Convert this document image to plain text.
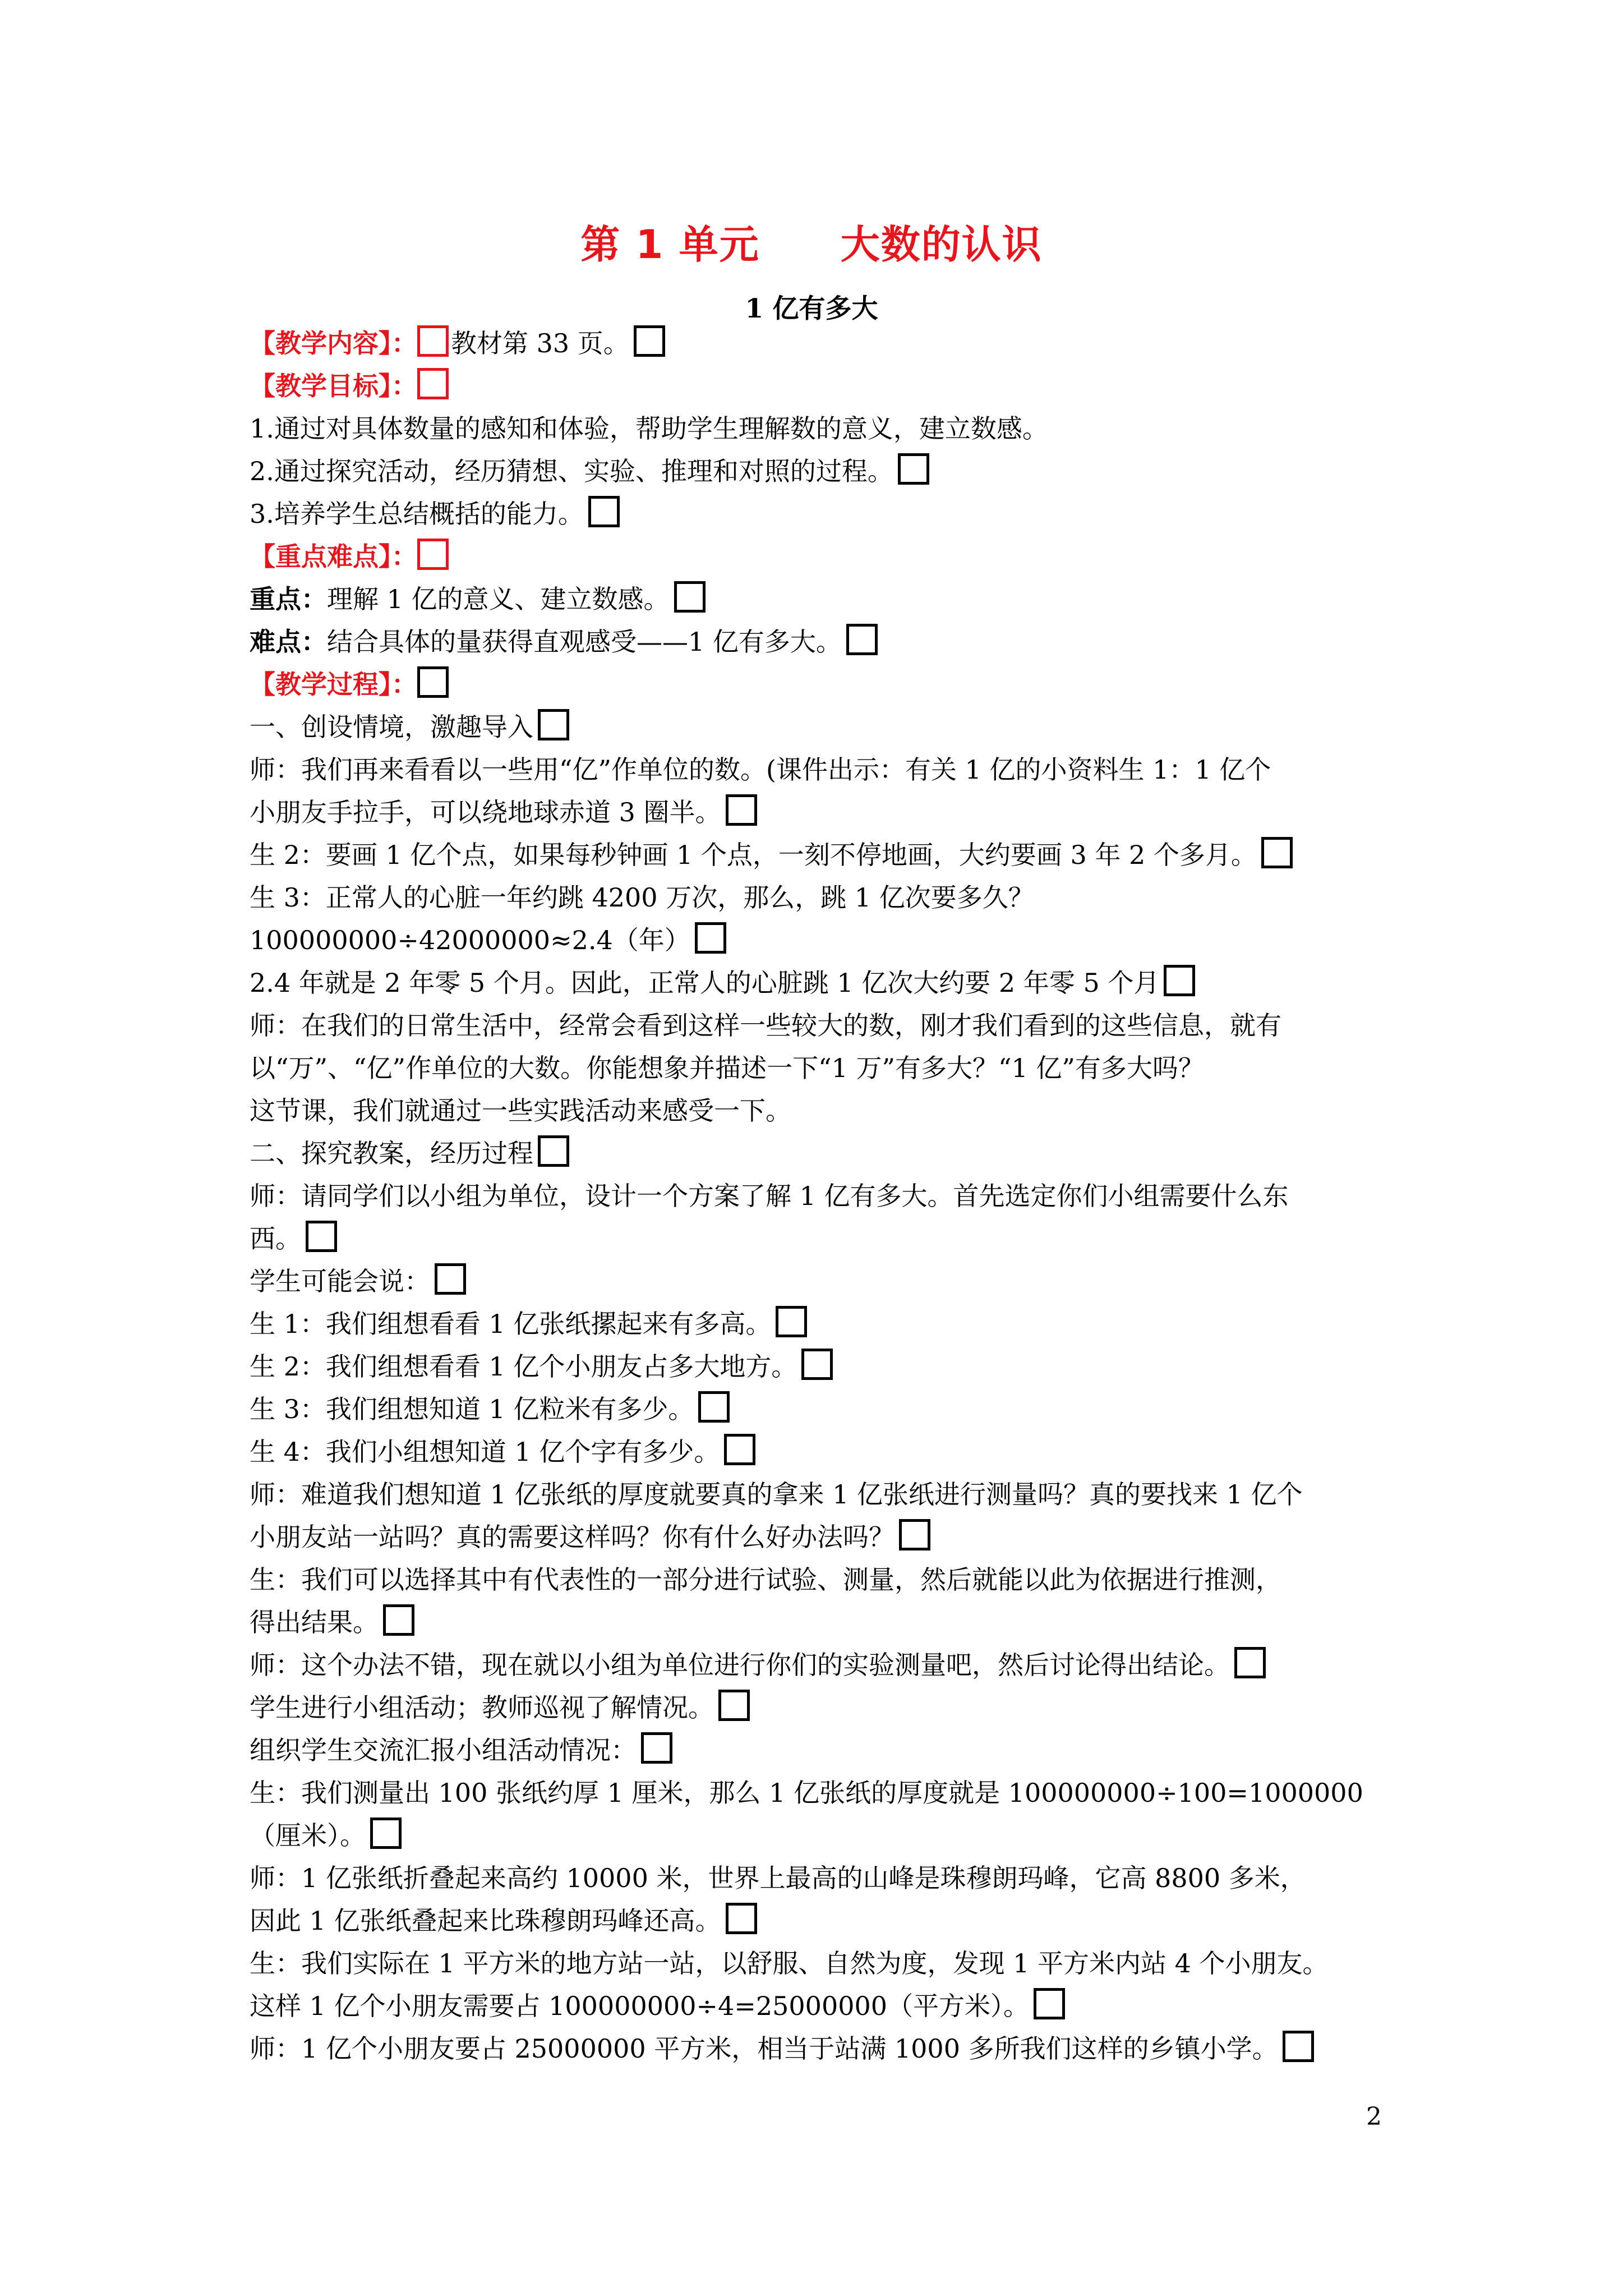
第 1 单元　　大数的认识
1 亿有多大
【教学内容】： 教材第 33 页。
【教学目标】：
1.通过对具体数量的感知和体验，帮助学生理解数的意义，建立数感。
2.通过探究活动，经历猜想、实验、推理和对照的过程。
3.培养学生总结概括的能力。
【重点难点】：
重点：理解 1 亿的意义、建立数感。
难点：结合具体的量获得直观感受——1 亿有多大。
【教学过程】：
一、创设情境，激趣导入
师：我们再来看看以一些用“亿”作单位的数。(课件出示：有关 1 亿的小资料生 1：1 亿个
小朋友手拉手，可以绕地球赤道 3 圈半。
生 2：要画 1 亿个点，如果每秒钟画 1 个点，一刻不停地画，大约要画 3 年 2 个多月。
生 3：正常人的心脏一年约跳 4200 万次，那么，跳 1 亿次要多久？
100000000÷42000000≈2.4（年）
2.4 年就是 2 年零 5 个月。因此，正常人的心脏跳 1 亿次大约要 2 年零 5 个月
师：在我们的日常生活中，经常会看到这样一些较大的数，刚才我们看到的这些信息，就有
以“万”、“亿”作单位的大数。你能想象并描述一下“1 万”有多大？“1 亿”有多大吗？
这节课，我们就通过一些实践活动来感受一下。
二、探究教案，经历过程
师：请同学们以小组为单位，设计一个方案了解 1 亿有多大。首先选定你们小组需要什么东
西。
学生可能会说：
生 1：我们组想看看 1 亿张纸摞起来有多高。
生 2：我们组想看看 1 亿个小朋友占多大地方。
生 3：我们组想知道 1 亿粒米有多少。
生 4：我们小组想知道 1 亿个字有多少。
师：难道我们想知道 1 亿张纸的厚度就要真的拿来 1 亿张纸进行测量吗？真的要找来 1 亿个
小朋友站一站吗？真的需要这样吗？你有什么好办法吗？
生：我们可以选择其中有代表性的一部分进行试验、测量，然后就能以此为依据进行推测，
得出结果。
师：这个办法不错，现在就以小组为单位进行你们的实验测量吧，然后讨论得出结论。
学生进行小组活动；教师巡视了解情况。
组织学生交流汇报小组活动情况：
生：我们测量出 100 张纸约厚 1 厘米，那么 1 亿张纸的厚度就是 100000000÷100=1000000
（厘米）。
师：1 亿张纸折叠起来高约 10000 米，世界上最高的山峰是珠穆朗玛峰，它高 8800 多米，
因此 1 亿张纸叠起来比珠穆朗玛峰还高。
生：我们实际在 1 平方米的地方站一站，以舒服、自然为度，发现 1 平方米内站 4 个小朋友。
这样 1 亿个小朋友需要占 100000000÷4=25000000（平方米）。
师：1 亿个小朋友要占 25000000 平方米，相当于站满 1000 多所我们这样的乡镇小学。
2
